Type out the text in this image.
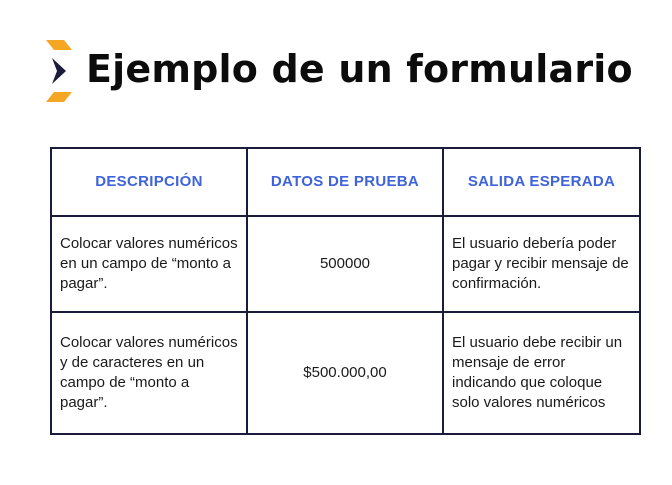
Ejemplo de un formulario
DESCRIPCIÓN	DATOS DE PRUEBA	SALIDA ESPERADA
Colocar valores numéricos en un campo de “monto a pagar”.	500000	El usuario debería poder pagar y recibir mensaje de confirmación.
Colocar valores numéricos y de caracteres en un campo de “monto a pagar”.	$500.000,00	El usuario debe recibir un mensaje de error indicando que coloque solo valores numéricos
